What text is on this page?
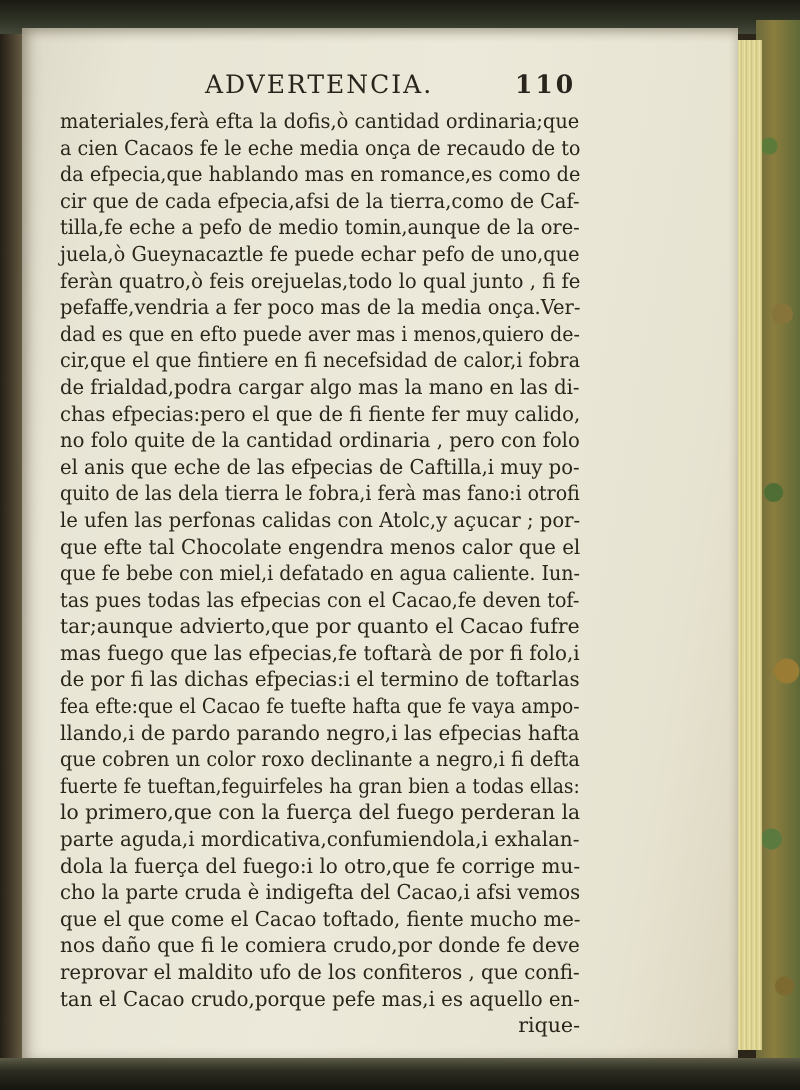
ADVERTENCIA.	110
materiales,ferà efta la dofis,ò cantidad ordinaria;que
a cien Cacaos fe le eche media onça de recaudo de to
da efpecia,que hablando mas en romance,es como de
cir que de cada efpecia,afsi de la tierra,como de Caf-
tilla,fe eche a pefo de medio tomin,aunque de la ore-
juela,ò Gueynacaztle fe puede echar pefo de uno,que
feràn quatro,ò feis orejuelas,todo lo qual junto , fi fe
pefaffe,vendria a fer poco mas de la media onça.Ver-
dad es que en efto puede aver mas i menos,quiero de-
cir,que el que fintiere en fi necefsidad de calor,i fobra
de frialdad,podra cargar algo mas la mano en las di-
chas efpecias:pero el que de fi fiente fer muy calido,
no folo quite de la cantidad ordinaria , pero con folo
el anis que eche de las efpecias de Caftilla,i muy po-
quito de las dela tierra le fobra,i ferà mas fano:i otrofi
le ufen las perfonas calidas con Atolc,y açucar ; por-
que efte tal Chocolate engendra menos calor que el
que fe bebe con miel,i defatado en agua caliente. Iun-
tas pues todas las efpecias con el Cacao,fe deven tof-
tar;aunque advierto,que por quanto el Cacao fufre
mas fuego que las efpecias,fe toftarà de por fi folo,i
de por fi las dichas efpecias:i el termino de toftarlas
fea efte:que el Cacao fe tuefte hafta que fe vaya ampo-
llando,i de pardo parando negro,i las efpecias hafta
que cobren un color roxo declinante a negro,i fi defta
fuerte fe tueftan,feguirfeles ha gran bien a todas ellas:
lo primero,que con la fuerça del fuego perderan la
parte aguda,i mordicativa,confumiendola,i exhalan-
dola la fuerça del fuego:i lo otro,que fe corrige mu-
cho la parte cruda è indigefta del Cacao,i afsi vemos
que el que come el Cacao toftado, fiente mucho me-
nos daño que fi le comiera crudo,por donde fe deve
reprovar el maldito ufo de los confiteros , que confi-
tan el Cacao crudo,porque pefe mas,i es aquello en-
rique-
